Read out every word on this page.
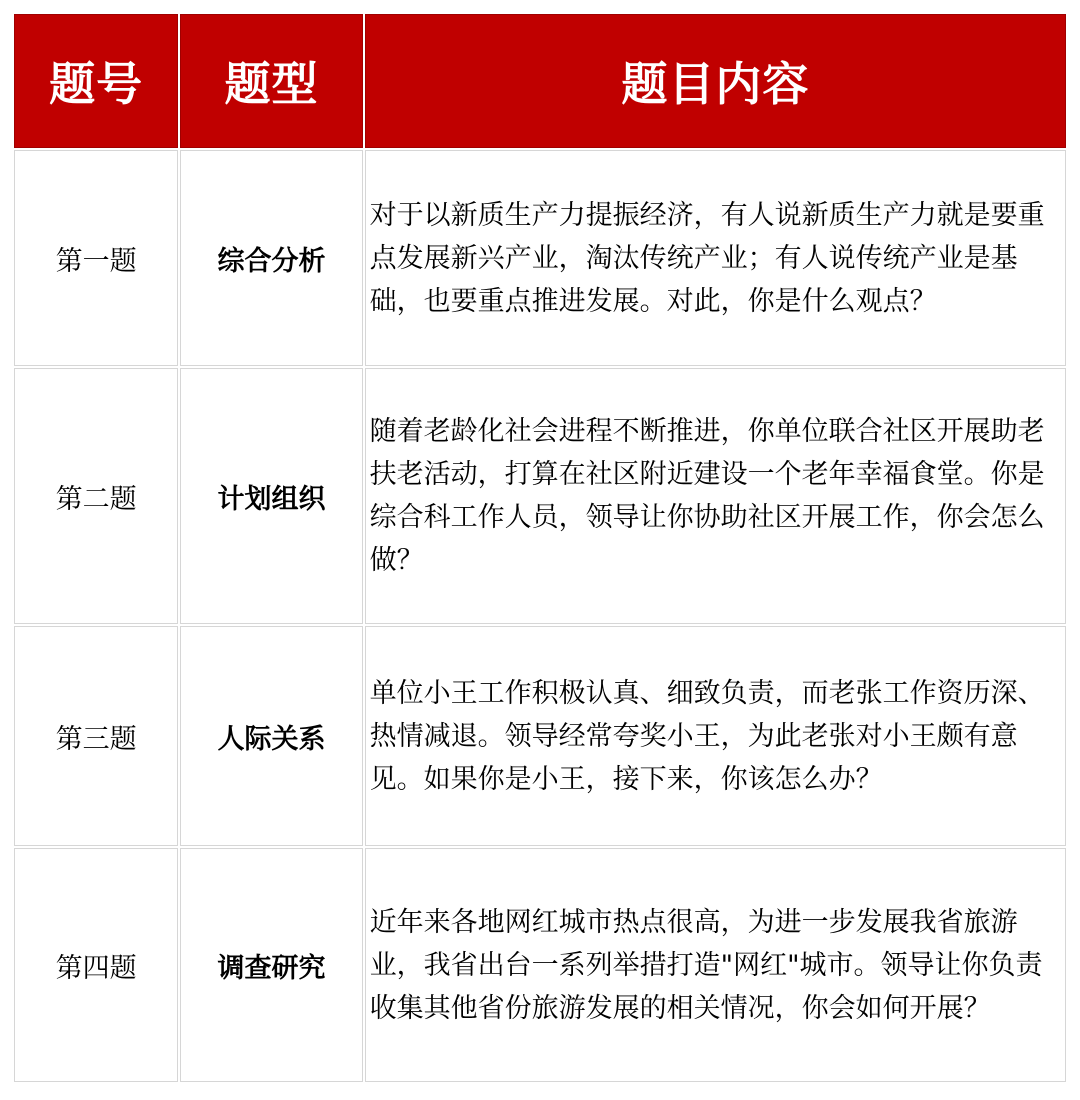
题号	题型	题目内容
第一题	综合分析	对于以新质生产力提振经济，有人说新质生产力就是要重点发展新兴产业，淘汰传统产业；有人说传统产业是基础，也要重点推进发展。对此，你是什么观点？
第二题	计划组织	随着老龄化社会进程不断推进，你单位联合社区开展助老扶老活动，打算在社区附近建设一个老年幸福食堂。你是综合科工作人员，领导让你协助社区开展工作，你会怎么做？
第三题	人际关系	单位小王工作积极认真、细致负责，而老张工作资历深、热情减退。领导经常夸奖小王，为此老张对小王颇有意见。如果你是小王，接下来，你该怎么办？
第四题	调查研究	近年来各地网红城市热点很高，为进一步发展我省旅游业，我省出台一系列举措打造"网红"城市。领导让你负责收集其他省份旅游发展的相关情况，你会如何开展？
